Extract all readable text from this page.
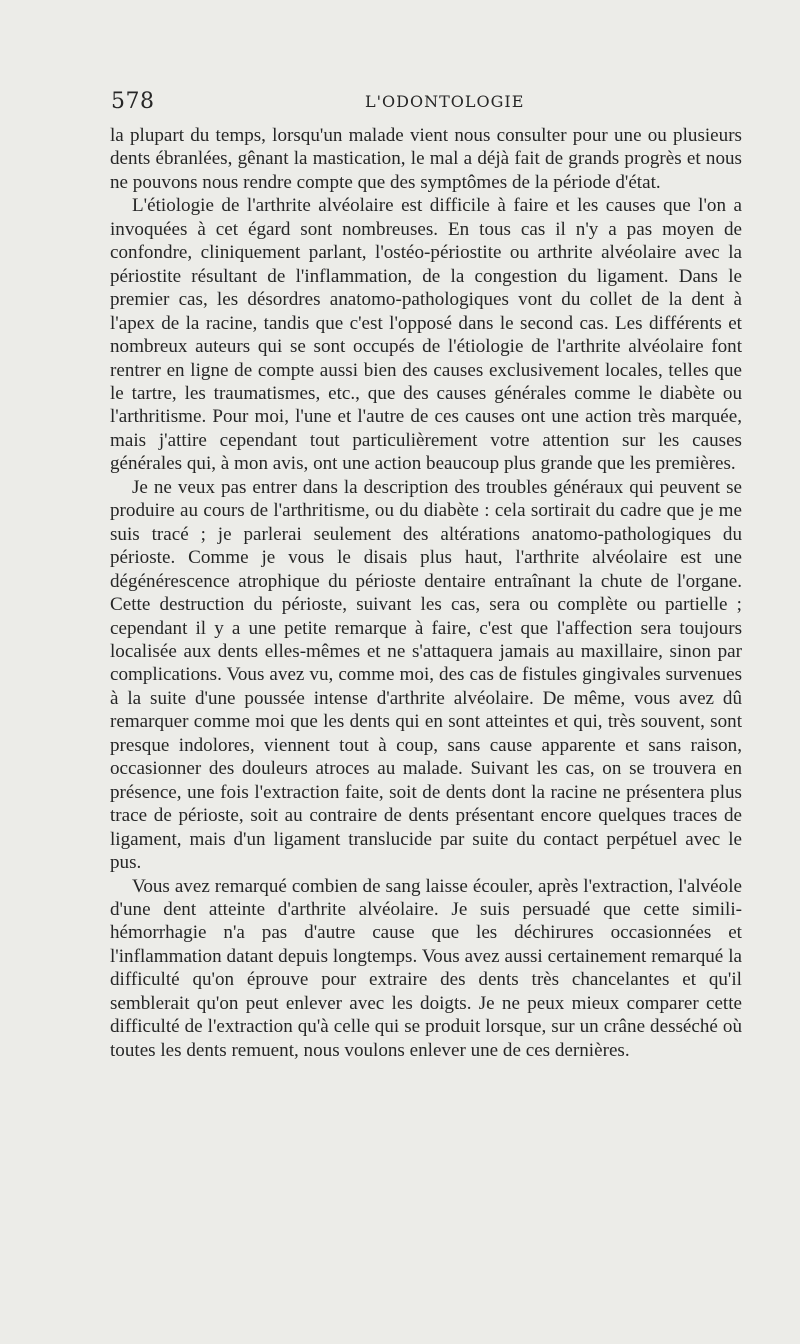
578	L'ODONTOLOGIE

la plupart du temps, lorsqu'un malade vient nous consulter pour une ou plusieurs dents ébranlées, gênant la mastication, le mal a déjà fait de grands progrès et nous ne pouvons nous rendre compte que des symptômes de la période d'état.

L'étiologie de l'arthrite alvéolaire est difficile à faire et les causes que l'on a invoquées à cet égard sont nombreuses. En tous cas il n'y a pas moyen de confondre, cliniquement parlant, l'ostéo-périostite ou arthrite alvéolaire avec la périostite résultant de l'inflammation, de la congestion du ligament. Dans le premier cas, les désordres anatomo-pathologiques vont du collet de la dent à l'apex de la racine, tandis que c'est l'opposé dans le second cas. Les différents et nombreux auteurs qui se sont occupés de l'étiologie de l'arthrite alvéolaire font rentrer en ligne de compte aussi bien des causes exclusivement locales, telles que le tartre, les traumatismes, etc., que des causes générales comme le diabète ou l'arthritisme. Pour moi, l'une et l'autre de ces causes ont une action très marquée, mais j'attire cependant tout particulièrement votre attention sur les causes générales qui, à mon avis, ont une action beaucoup plus grande que les premières.

Je ne veux pas entrer dans la description des troubles généraux qui peuvent se produire au cours de l'arthritisme, ou du diabète : cela sortirait du cadre que je me suis tracé ; je parlerai seulement des altérations anatomo-pathologiques du périoste. Comme je vous le disais plus haut, l'arthrite alvéolaire est une dégénérescence atrophique du périoste dentaire entraînant la chute de l'organe. Cette destruction du périoste, suivant les cas, sera ou complète ou partielle ; cependant il y a une petite remarque à faire, c'est que l'affection sera toujours localisée aux dents elles-mêmes et ne s'attaquera jamais au maxillaire, sinon par complications. Vous avez vu, comme moi, des cas de fistules gingivales survenues à la suite d'une poussée intense d'arthrite alvéolaire. De même, vous avez dû remarquer comme moi que les dents qui en sont atteintes et qui, très souvent, sont presque indolores, viennent tout à coup, sans cause apparente et sans raison, occasionner des douleurs atroces au malade. Suivant les cas, on se trouvera en présence, une fois l'extraction faite, soit de dents dont la racine ne présentera plus trace de périoste, soit au contraire de dents présentant encore quelques traces de ligament, mais d'un ligament translucide par suite du contact perpétuel avec le pus.

Vous avez remarqué combien de sang laisse écouler, après l'extraction, l'alvéole d'une dent atteinte d'arthrite alvéolaire. Je suis persuadé que cette simili-hémorrhagie n'a pas d'autre cause que les déchirures occasionnées et l'inflammation datant depuis longtemps. Vous avez aussi certainement remarqué la difficulté qu'on éprouve pour extraire des dents très chancelantes et qu'il semblerait qu'on peut enlever avec les doigts. Je ne peux mieux comparer cette difficulté de l'extraction qu'à celle qui se produit lorsque, sur un crâne desséché où toutes les dents remuent, nous voulons enlever une de ces dernières.
